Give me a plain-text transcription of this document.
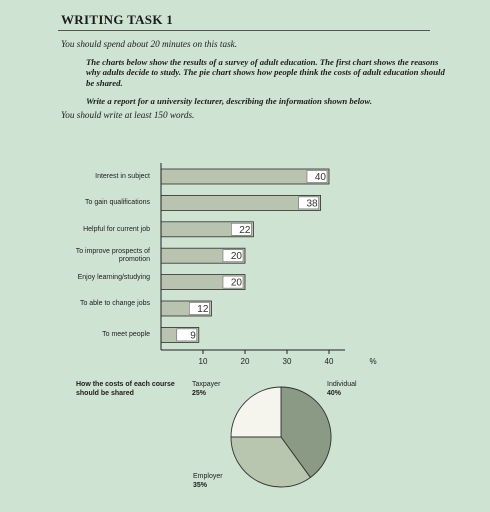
WRITING TASK 1
You should spend about 20 minutes on this task.
The charts below show the results of a survey of adult education. The first chart shows the reasons why adults decide to study. The pie chart shows how people think the costs of adult education should be shared.
Write a report for a university lecturer, describing the information shown below.
You should write at least 150 words.
Interest in subject
To gain qualifications
Helpful for current job
To improve prospects of promotion
Enjoy learning/studying
To able to change jobs
To meet people
40
38
22
20
20
12
9
10	20	30	40	%
How the costs of each course should be shared
Taxpayer
25%
Individual
40%
Employer
35%
